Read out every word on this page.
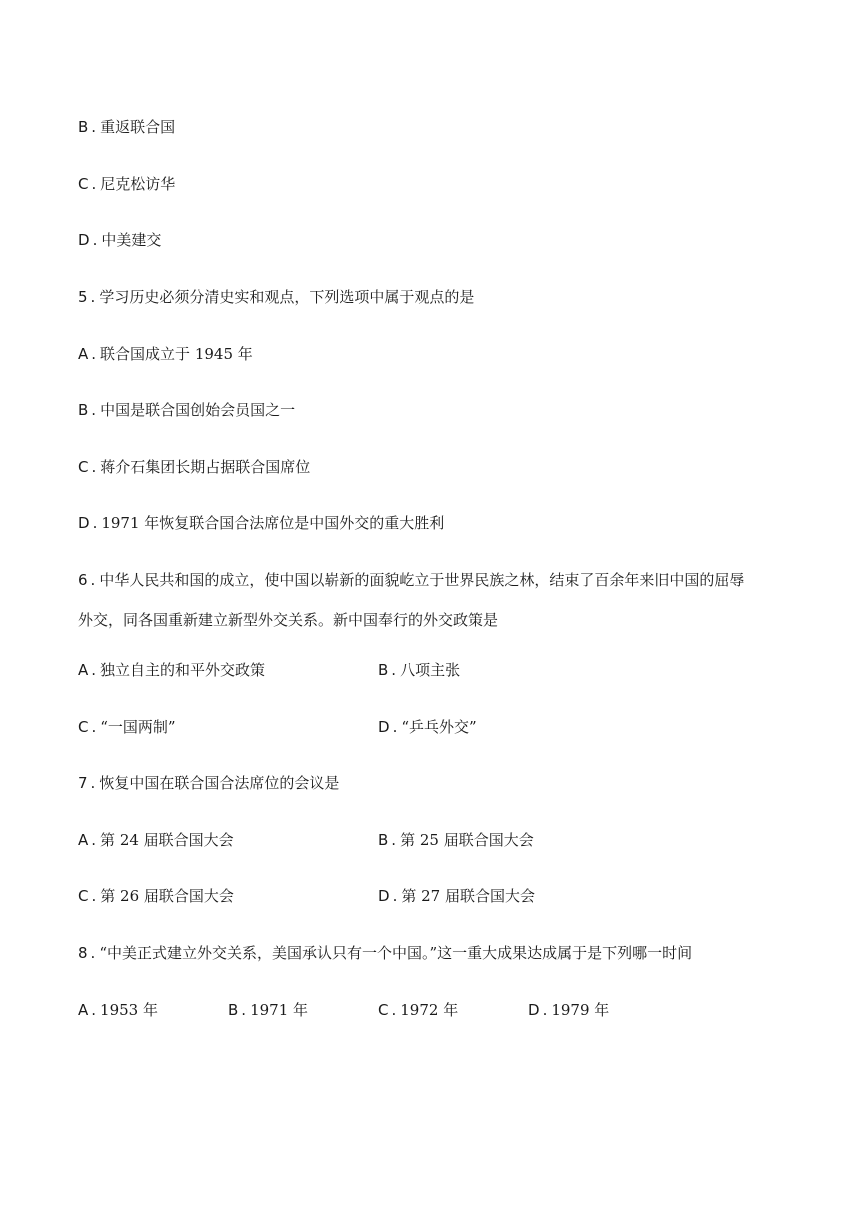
B . 重返联合国
C . 尼克松访华
D . 中美建交
5 . 学习历史必须分清史实和观点，下列选项中属于观点的是
A . 联合国成立于 1945 年
B . 中国是联合国创始会员国之一
C . 蒋介石集团长期占据联合国席位
D . 1971 年恢复联合国合法席位是中国外交的重大胜利
6 . 中华人民共和国的成立，使中国以崭新的面貌屹立于世界民族之林，结束了百余年来旧中国的屈辱
外交，同各国重新建立新型外交关系。新中国奉行的外交政策是
A . 独立自主的和平外交政策	B . 八项主张
C . “一国两制”	D . “乒乓外交”
7 . 恢复中国在联合国合法席位的会议是
A . 第 24 届联合国大会	B . 第 25 届联合国大会
C . 第 26 届联合国大会	D . 第 27 届联合国大会
8 . “中美正式建立外交关系，美国承认只有一个中国。”这一重大成果达成属于是下列哪一时间
A . 1953 年	B . 1971 年	C . 1972 年	D . 1979 年
